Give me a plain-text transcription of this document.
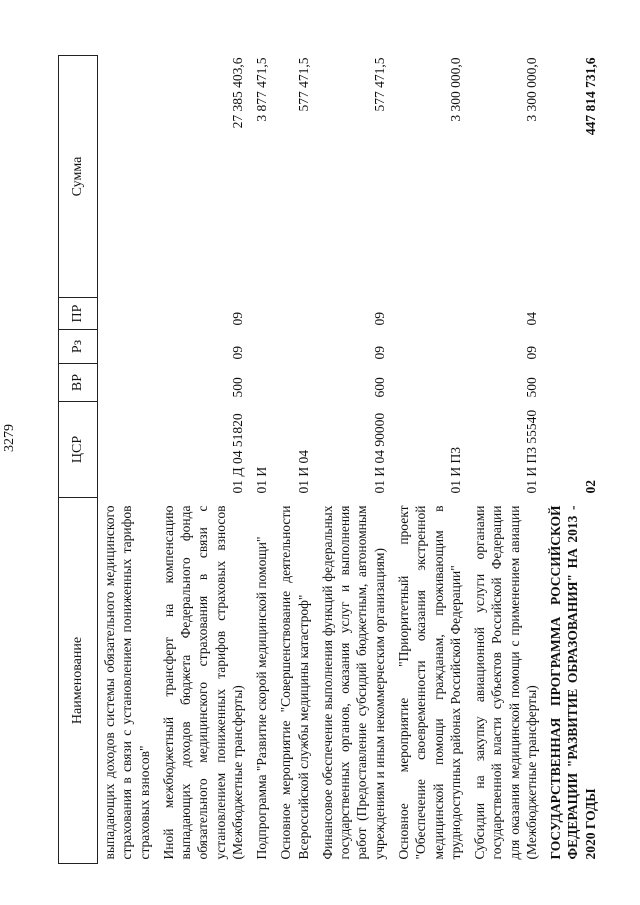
3279
Наименование	ЦСР	ВР	Рз	ПР	Сумма
выпадающих доходов системы обязательного медицинского страхования в связи с установлением пониженных тарифов страховых взносов"					
Иной межбюджетный трансферт на компенсацию выпадающих доходов бюджета Федерального фонда обязательного медицинского страхования в связи с установлением пониженных тарифов страховых взносов (Межбюджетные трансферты)	01 Д 04 51820	500	09	09	27 385 403,6
Подпрограмма "Развитие скорой медицинской помощи"	01 И				3 877 471,5
Основное мероприятие "Совершенствование деятельности Всероссийской службы медицины катастроф"	01 И 04				577 471,5
Финансовое обеспечение выполнения функций федеральных государственных органов, оказания услуг и выполнения работ (Предоставление субсидий бюджетным, автономным учреждениям и иным некоммерческим организациям)	01 И 04 90000	600	09	09	577 471,5
Основное мероприятие "Приоритетный проект "Обеспечение своевременности оказания экстренной медицинской помощи гражданам, проживающим в труднодоступных районах Российской Федерации"	01 И П3				3 300 000,0
Субсидии на закупку авиационной услуги органами государственной власти субъектов Российской Федерации для оказания медицинской помощи с применением авиации (Межбюджетные трансферты)	01 И П3 55540	500	09	04	3 300 000,0
ГОСУДАРСТВЕННАЯ ПРОГРАММА РОССИЙСКОЙ ФЕДЕРАЦИИ "РАЗВИТИЕ ОБРАЗОВАНИЯ" НА 2013 - 2020 ГОДЫ	02				447 814 731,6
